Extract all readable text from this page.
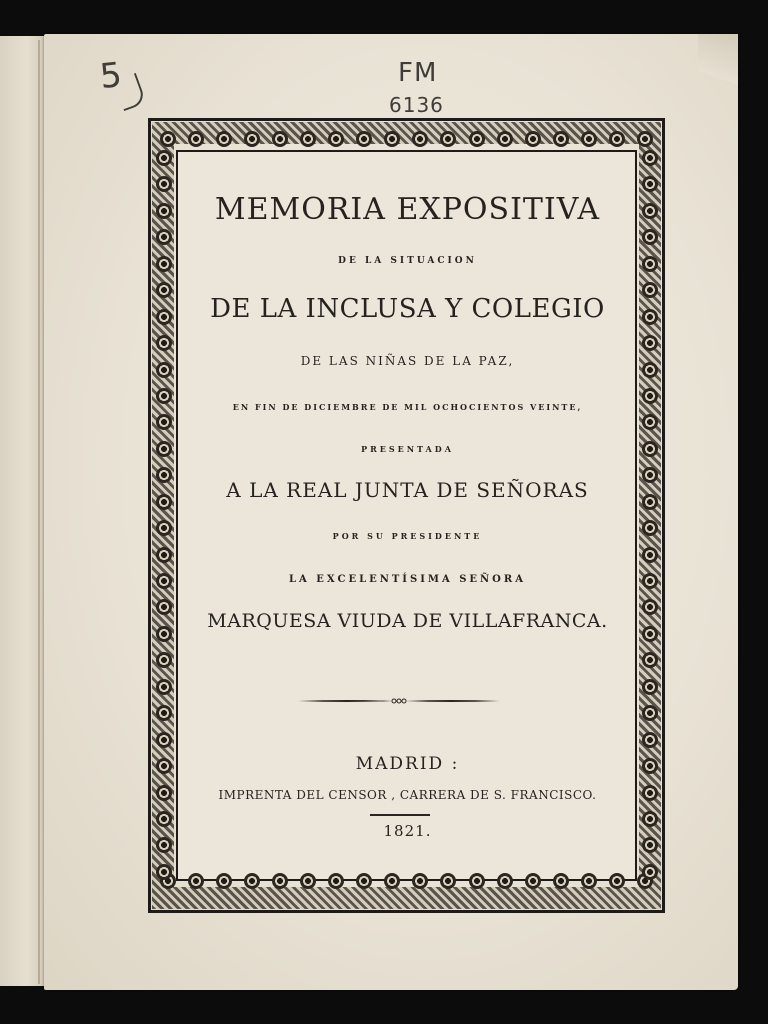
5	FM
6136
MEMORIA EXPOSITIVA
DE LA SITUACION
DE LA INCLUSA Y COLEGIO
DE LAS NIÑAS DE LA PAZ,
EN FIN DE DICIEMBRE DE MIL OCHOCIENTOS VEINTE,
PRESENTADA
A LA REAL JUNTA DE SEÑORAS
POR SU PRESIDENTE
LA EXCELENTÍSIMA SEÑORA
MARQUESA VIUDA DE VILLAFRANCA.
MADRID :
IMPRENTA DEL CENSOR , CARRERA DE S. FRANCISCO.
1821.
